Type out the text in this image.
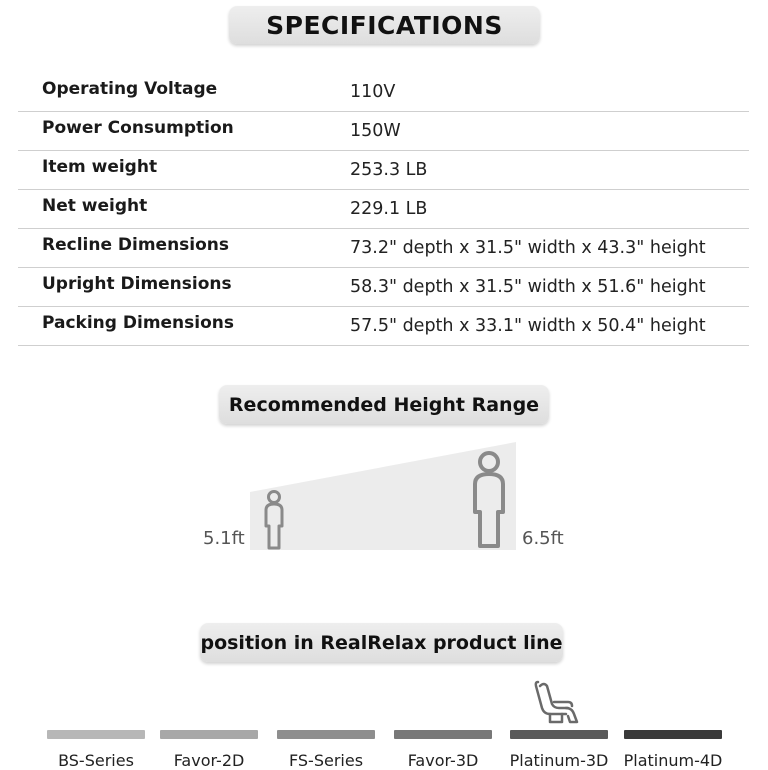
SPECIFICATIONS
Operating Voltage	110V
Power Consumption	150W
Item weight	253.3 LB
Net weight	229.1 LB
Recline Dimensions	73.2" depth x 31.5" width x 43.3" height
Upright Dimensions	58.3" depth x 31.5" width x 51.6" height
Packing Dimensions	57.5" depth x 33.1" width x 50.4" height
Recommended Height Range
5.1ft	6.5ft
position in RealRelax product line
BS-Series Favor-2D	FS-Series	Favor-3D Platinum-3D Platinum-4D
